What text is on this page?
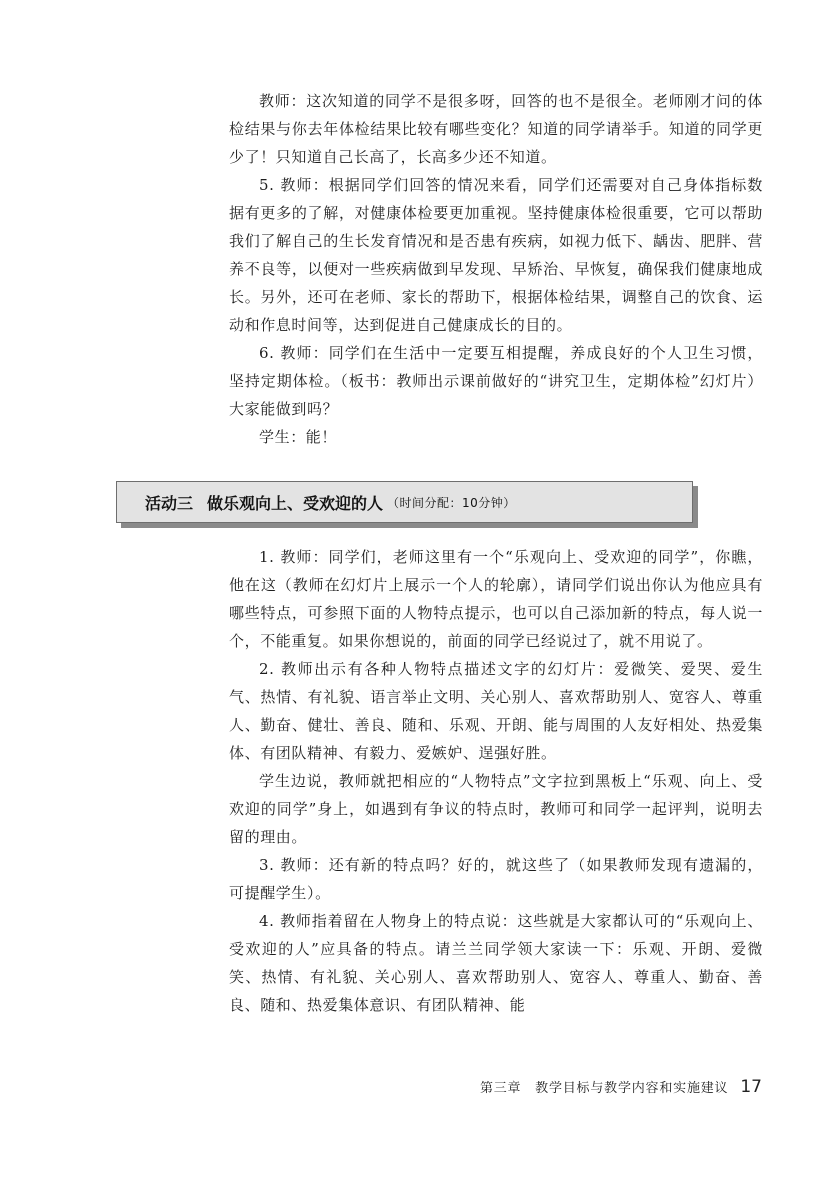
教师：这次知道的同学不是很多呀，回答的也不是很全。老师刚才问的体检结果与你去年体检结果比较有哪些变化？知道的同学请举手。知道的同学更少了！只知道自己长高了，长高多少还不知道。

5. 教师：根据同学们回答的情况来看，同学们还需要对自己身体指标数据有更多的了解，对健康体检要更加重视。坚持健康体检很重要，它可以帮助我们了解自己的生长发育情况和是否患有疾病，如视力低下、龋齿、肥胖、营养不良等，以便对一些疾病做到早发现、早矫治、早恢复，确保我们健康地成长。另外，还可在老师、家长的帮助下，根据体检结果，调整自己的饮食、运动和作息时间等，达到促进自己健康成长的目的。

6. 教师：同学们在生活中一定要互相提醒，养成良好的个人卫生习惯，坚持定期体检。（板书：教师出示课前做好的“讲究卫生，定期体检”幻灯片）大家能做到吗？

学生：能！

活动三 做乐观向上、受欢迎的人 （时间分配：10分钟）

1. 教师：同学们，老师这里有一个“乐观向上、受欢迎的同学”，你瞧，他在这（教师在幻灯片上展示一个人的轮廓），请同学们说出你认为他应具有哪些特点，可参照下面的人物特点提示，也可以自己添加新的特点，每人说一个，不能重复。如果你想说的，前面的同学已经说过了，就不用说了。

2. 教师出示有各种人物特点描述文字的幻灯片：爱微笑、爱哭、爱生气、热情、有礼貌、语言举止文明、关心别人、喜欢帮助别人、宽容人、尊重人、勤奋、健壮、善良、随和、乐观、开朗、能与周围的人友好相处、热爱集体、有团队精神、有毅力、爱嫉妒、逞强好胜。

学生边说，教师就把相应的“人物特点”文字拉到黑板上“乐观、向上、受欢迎的同学”身上，如遇到有争议的特点时，教师可和同学一起评判，说明去留的理由。

3. 教师：还有新的特点吗？好的，就这些了（如果教师发现有遗漏的，可提醒学生）。

4. 教师指着留在人物身上的特点说：这些就是大家都认可的“乐观向上、受欢迎的人”应具备的特点。请兰兰同学领大家读一下：乐观、开朗、爱微笑、热情、有礼貌、关心别人、喜欢帮助别人、宽容人、尊重人、勤奋、善良、随和、热爱集体意识、有团队精神、能

第三章　教学目标与教学内容和实施建议 17
